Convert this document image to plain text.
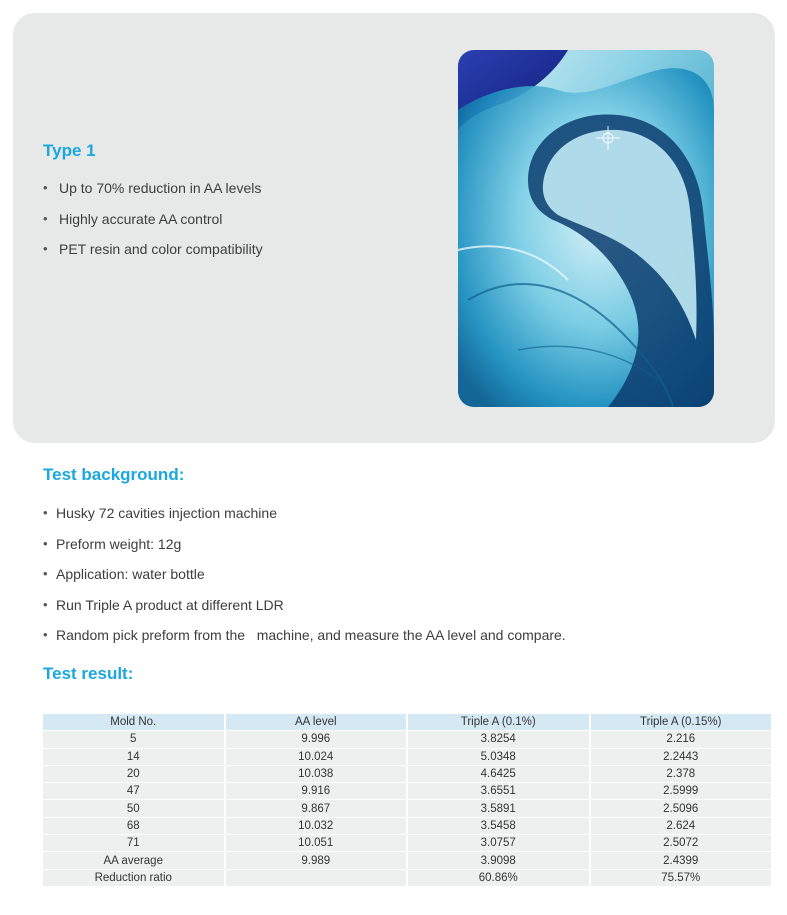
Type 1
• Up to 70% reduction in AA levels
• Highly accurate AA control
• PET resin and color compatibility
Test background:
• Husky 72 cavities injection machine
• Preform weight: 12g
• Application: water bottle
• Run Triple A product at different LDR
• Random pick preform from the   machine, and measure the AA level and compare.
Test result:
Mold No.	AA level	Triple A (0.1%)	Triple A (0.15%)
5	9.996	3.8254	2.216
14	10.024	5.0348	2.2443
20	10.038	4.6425	2.378
47	9.916	3.6551	2.5999
50	9.867	3.5891	2.5096
68	10.032	3.5458	2.624
71	10.051	3.0757	2.5072
AA average	9.989	3.9098	2.4399
Reduction ratio		60.86%	75.57%
